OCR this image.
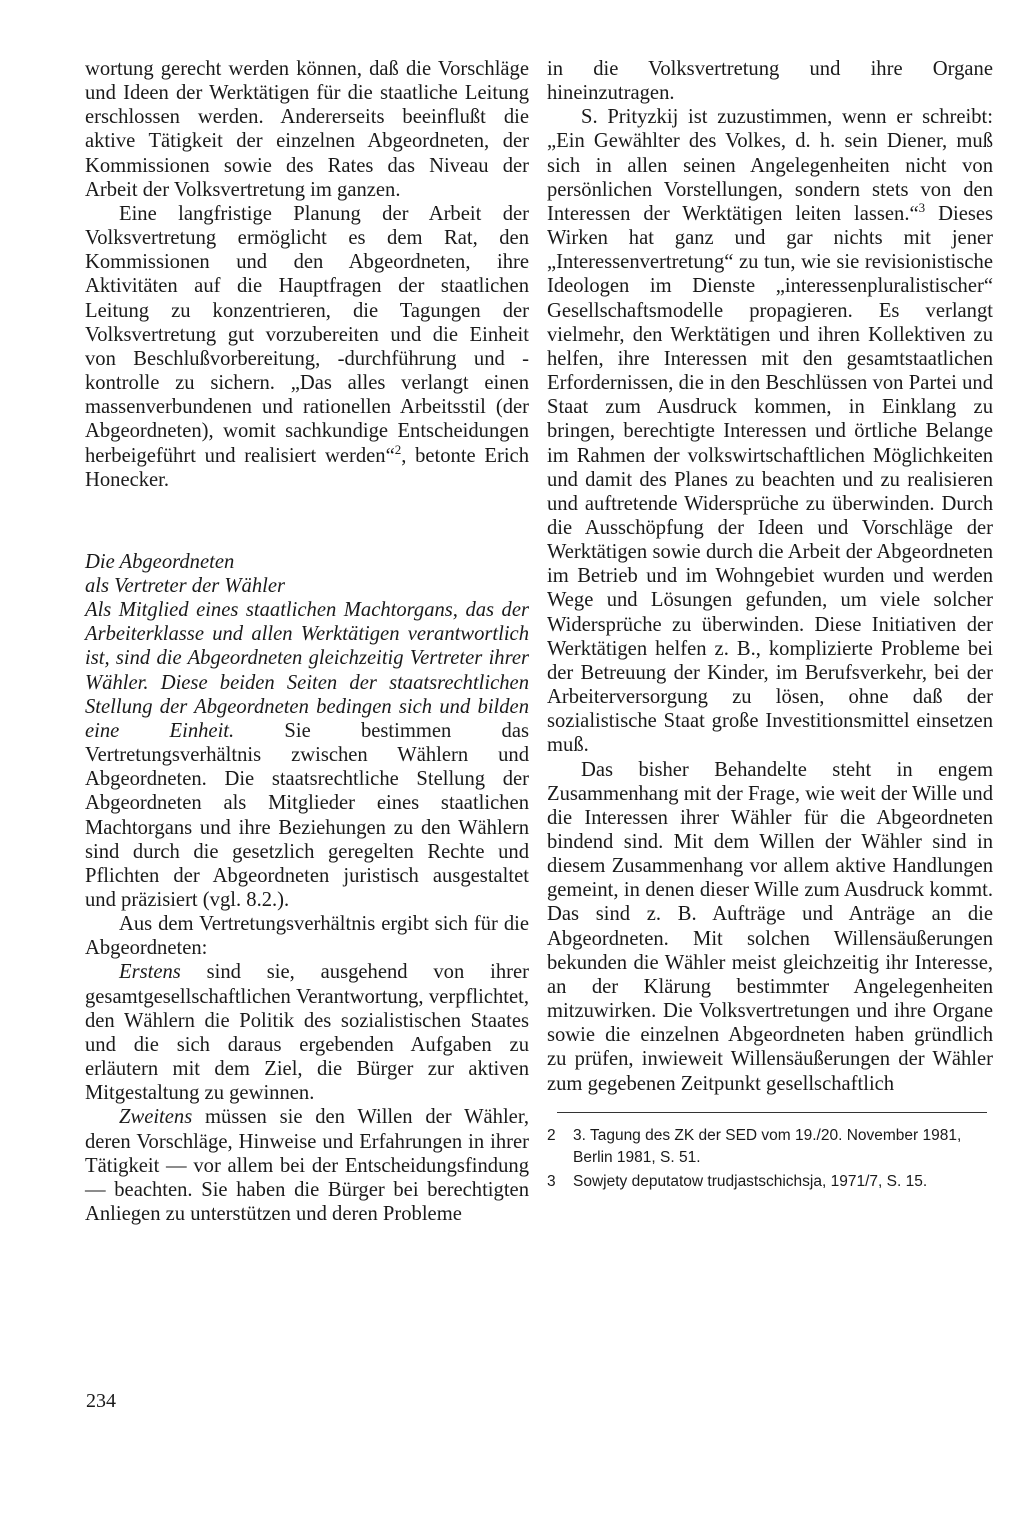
wortung gerecht werden können, daß die Vorschläge und Ideen der Werktätigen für die staatliche Leitung erschlossen werden. Andererseits beeinflußt die aktive Tätigkeit der einzelnen Abgeordneten, der Kommissionen sowie des Rates das Niveau der Arbeit der Volksvertretung im ganzen.

Eine langfristige Planung der Arbeit der Volksvertretung ermöglicht es dem Rat, den Kommissionen und den Abgeordneten, ihre Aktivitäten auf die Hauptfragen der staatlichen Leitung zu konzentrieren, die Tagungen der Volksvertretung gut vorzubereiten und die Einheit von Beschlußvorbereitung, -durchführung und -kontrolle zu sichern. „Das alles verlangt einen massenverbundenen und rationellen Arbeitsstil (der Abgeordneten), womit sachkundige Entscheidungen herbeigeführt und realisiert werden“$^2$, betonte Erich Honecker.

Die Abgeordneten

als Vertreter der Wähler

Als Mitglied eines staatlichen Machtorgans, das der Arbeiterklasse und allen Werktätigen verantwortlich ist, sind die Abgeordneten gleichzeitig Vertreter ihrer Wähler. Diese beiden Seiten der staatsrechtlichen Stellung der Abgeordneten bedingen sich und bilden eine Einheit. Sie bestimmen das Vertretungsverhältnis zwischen Wählern und Abgeordneten. Die staatsrechtliche Stellung der Abgeordneten als Mitglieder eines staatlichen Machtorgans und ihre Beziehungen zu den Wählern sind durch die gesetzlich geregelten Rechte und Pflichten der Abgeordneten juristisch ausgestaltet und präzisiert (vgl. 8.2.).

Aus dem Vertretungsverhältnis ergibt sich für die Abgeordneten:

Erstens sind sie, ausgehend von ihrer gesamtgesellschaftlichen Verantwortung, verpflichtet, den Wählern die Politik des sozialistischen Staates und die sich daraus ergebenden Aufgaben zu erläutern mit dem Ziel, die Bürger zur aktiven Mitgestaltung zu gewinnen.

Zweitens müssen sie den Willen der Wähler, deren Vorschläge, Hinweise und Erfahrungen in ihrer Tätigkeit — vor allem bei der Entscheidungsfindung — beachten. Sie haben die Bürger bei berechtigten Anliegen zu unterstützen und deren Probleme

in die Volksvertretung und ihre Organe hineinzutragen.

S. Prityzkij ist zuzustimmen, wenn er schreibt: „Ein Gewählter des Volkes, d. h. sein Diener, muß sich in allen seinen Angelegenheiten nicht von persönlichen Vorstellungen, sondern stets von den Interessen der Werktätigen leiten lassen.“$^3$ Dieses Wirken hat ganz und gar nichts mit jener „Interessenvertretung“ zu tun, wie sie revisionistische Ideologen im Dienste „interessenpluralistischer“ Gesellschaftsmodelle propagieren. Es verlangt vielmehr, den Werktätigen und ihren Kollektiven zu helfen, ihre Interessen mit den gesamtstaatlichen Erfordernissen, die in den Beschlüssen von Partei und Staat zum Ausdruck kommen, in Einklang zu bringen, berechtigte Interessen und örtliche Belange im Rahmen der volkswirtschaftlichen Möglichkeiten und damit des Planes zu beachten und zu realisieren und auftretende Widersprüche zu überwinden. Durch die Ausschöpfung der Ideen und Vorschläge der Werktätigen sowie durch die Arbeit der Abgeordneten im Betrieb und im Wohngebiet wurden und werden Wege und Lösungen gefunden, um viele solcher Widersprüche zu überwinden. Diese Initiativen der Werktätigen helfen z. B., komplizierte Probleme bei der Betreuung der Kinder, im Berufsverkehr, bei der Arbeiterversorgung zu lösen, ohne daß der sozialistische Staat große Investitionsmittel einsetzen muß.

Das bisher Behandelte steht in engem Zusammenhang mit der Frage, wie weit der Wille und die Interessen ihrer Wähler für die Abgeordneten bindend sind. Mit dem Willen der Wähler sind in diesem Zusammenhang vor allem aktive Handlungen gemeint, in denen dieser Wille zum Ausdruck kommt. Das sind z. B. Aufträge und Anträge an die Abgeordneten. Mit solchen Willensäußerungen bekunden die Wähler meist gleichzeitig ihr Interesse, an der Klärung bestimmter Angelegenheiten mitzuwirken. Die Volksvertretungen und ihre Organe sowie die einzelnen Abgeordneten haben gründlich zu prüfen, inwieweit Willensäußerungen der Wähler zum gegebenen Zeitpunkt gesellschaftlich

2	3. Tagung des ZK der SED vom 19./20. November 1981, Berlin 1981, S. 51.
3	Sowjety deputatow trudjastschichsja, 1971/7, S. 15.
234
